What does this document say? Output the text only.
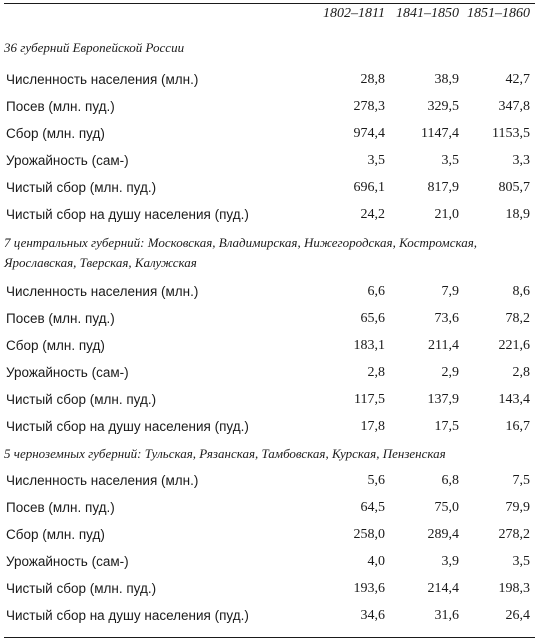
1802–1811 1841–1850 1851–1860
36 губерний Европейской России
Численность населения (млн.)	28,8	38,9	42,7
Посев (млн. пуд.)	278,3	329,5	347,8
Сбор (млн. пуд)	974,4	1147,4 1153,5
Урожайность (сам-)	3,5	3,5	3,3
Чистый сбор (млн. пуд.)	696,1	817,9	805,7
Чистый сбор на душу населения (пуд.)	24,2	21,0	18,9
7 центральных губерний: Московская, Владимирская, Нижегородская, Костромская, Ярославская, Тверская, Калужская
Численность населения (млн.)	6,6	7,9	8,6
Посев (млн. пуд.)	65,6	73,6	78,2
Сбор (млн. пуд)	183,1	211,4	221,6
Урожайность (сам-)	2,8	2,9	2,8
Чистый сбор (млн. пуд.)	117,5	137,9	143,4
Чистый сбор на душу населения (пуд.)	17,8	17,5	16,7
5 черноземных губерний: Тульская, Рязанская, Тамбовская, Курская, Пензенская
Численность населения (млн.)	5,6	6,8	7,5
Посев (млн. пуд.)	64,5	75,0	79,9
Сбор (млн. пуд)	258,0	289,4	278,2
Урожайность (сам-)	4,0	3,9	3,5
Чистый сбор (млн. пуд.)	193,6	214,4	198,3
Чистый сбор на душу населения (пуд.)	34,6	31,6	26,4
